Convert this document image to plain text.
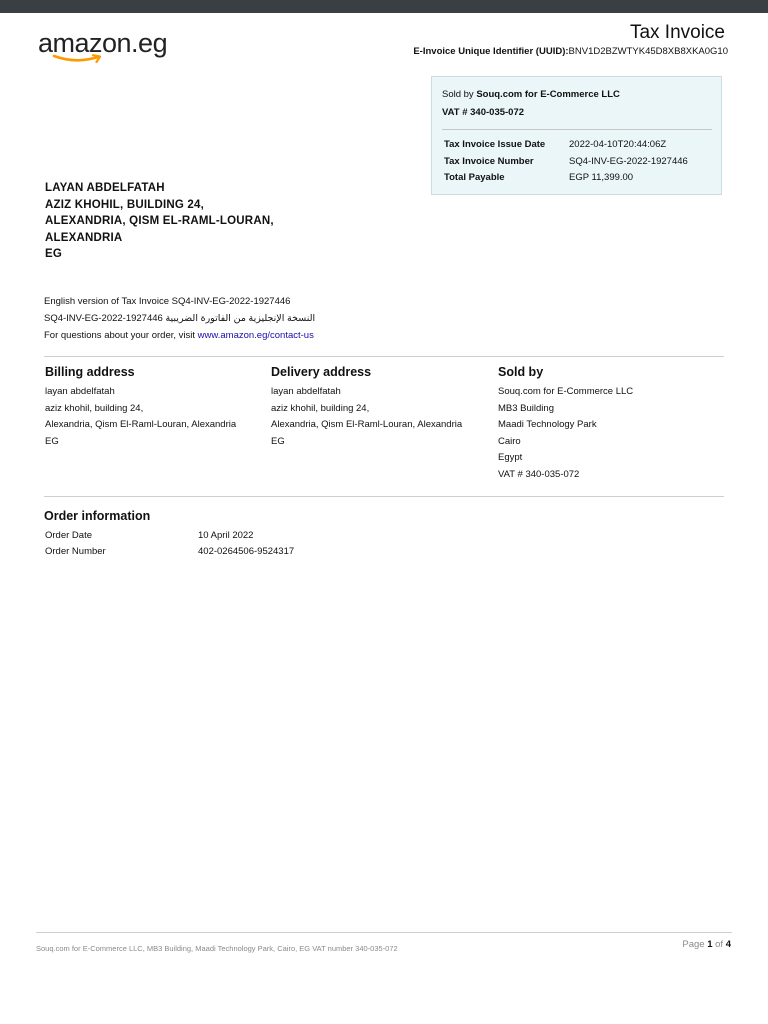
amazon.eg	Tax Invoice
E-Invoice Unique Identifier (UUID):BNV1D2BZWTYK45D8XB8XKA0G10
Sold by Souq.com for E-Commerce LLC
VAT # 340-035-072
Tax Invoice Issue Date	2022-04-10T20:44:06Z
Tax Invoice Number	SQ4-INV-EG-2022-1927446
Total Payable	EGP 11,399.00
LAYAN ABDELFATAH
AZIZ KHOHIL, BUILDING 24,
ALEXANDRIA, QISM EL-RAML-LOURAN,
ALEXANDRIA
EG
English version of Tax Invoice SQ4-INV-EG-2022-1927446
SQ4-INV-EG-2022-1927446 النسخة الإنجليزية من الفاتورة الضريبية
For questions about your order, visit www.amazon.eg/contact-us
Billing address
layan abdelfatah
aziz khohil, building 24,
Alexandria, Qism El-Raml-Louran, Alexandria
EG
Delivery address
layan abdelfatah
aziz khohil, building 24,
Alexandria, Qism El-Raml-Louran, Alexandria
EG
Sold by
Souq.com for E-Commerce LLC
MB3 Building
Maadi Technology Park
Cairo
Egypt
VAT # 340-035-072
Order information
Order Date	10 April 2022
Order Number	402-0264506-9524317
Souq.com for E-Commerce LLC, MB3 Building, Maadi Technology Park, Cairo, EG VAT number 340-035-072	Page 1 of 4
